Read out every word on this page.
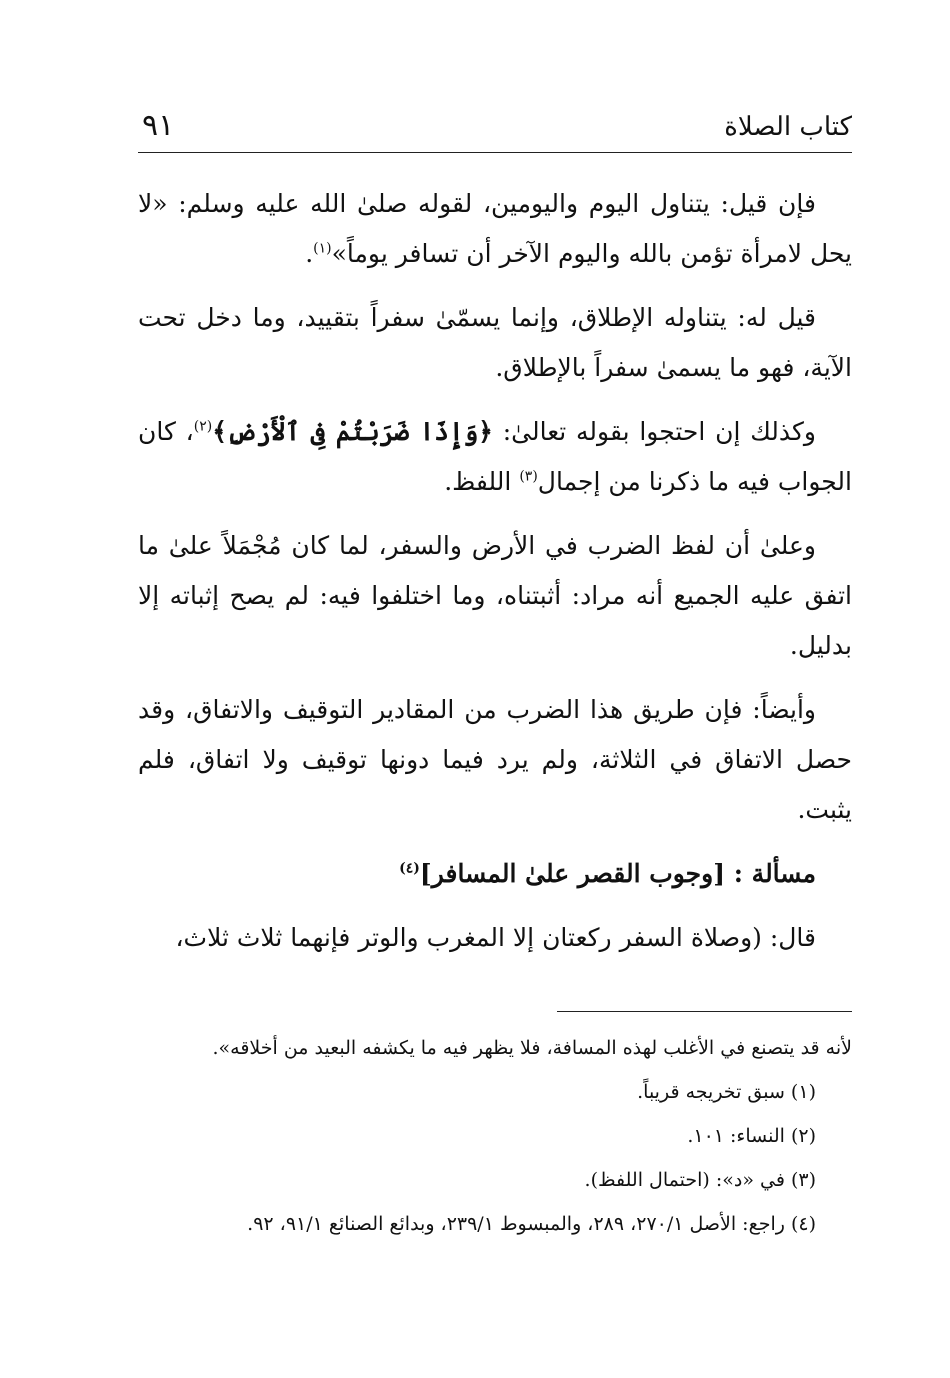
كتاب الصلاة
٩١

فإن قيل: يتناول اليوم واليومين، لقوله صلىٰ الله عليه وسلم: «لا يحل لامرأة تؤمن بالله واليوم الآخر أن تسافر يوماً»$^{(١)}$.

قيل له: يتناوله الإطلاق، وإنما يسمّىٰ سفراً بتقييد، وما دخل تحت الآية، فهو ما يسمىٰ سفراً بالإطلاق.

وكذلك إن احتجوا بقوله تعالىٰ: ﴿وَإِذَا ضَرَبْتُمْ فِى ٱلْأَرْضِ﴾$^{(٢)}$، كان الجواب فيه ما ذكرنا من إجمال$^{(٣)}$ اللفظ.

وعلىٰ أن لفظ الضرب في الأرض والسفر، لما كان مُجْمَلاً علىٰ ما اتفق عليه الجميع أنه مراد: أثبتناه، وما اختلفوا فيه: لم يصح إثباته إلا بدليل.

وأيضاً: فإن طريق هذا الضرب من المقادير التوقيف والاتفاق، وقد حصل الاتفاق في الثلاثة، ولم يرد فيما دونها توقيف ولا اتفاق، فلم يثبت.

مسألة : [وجوب القصر علىٰ المسافر]$^{(٤)}$

قال: (وصلاة السفر ركعتان إلا المغرب والوتر فإنهما ثلاث ثلاث،

لأنه قد يتصنع في الأغلب لهذه المسافة، فلا يظهر فيه ما يكشفه البعيد من أخلاقه».

(١) سبق تخريجه قريباً.

(٢) النساء: ١٠١.

(٣) في «د»: (احتمال اللفظ).

(٤) راجع: الأصل ٢٧٠/١، ٢٨٩، والمبسوط ٢٣٩/١، وبدائع الصنائع ٩١/١، ٩٢.
